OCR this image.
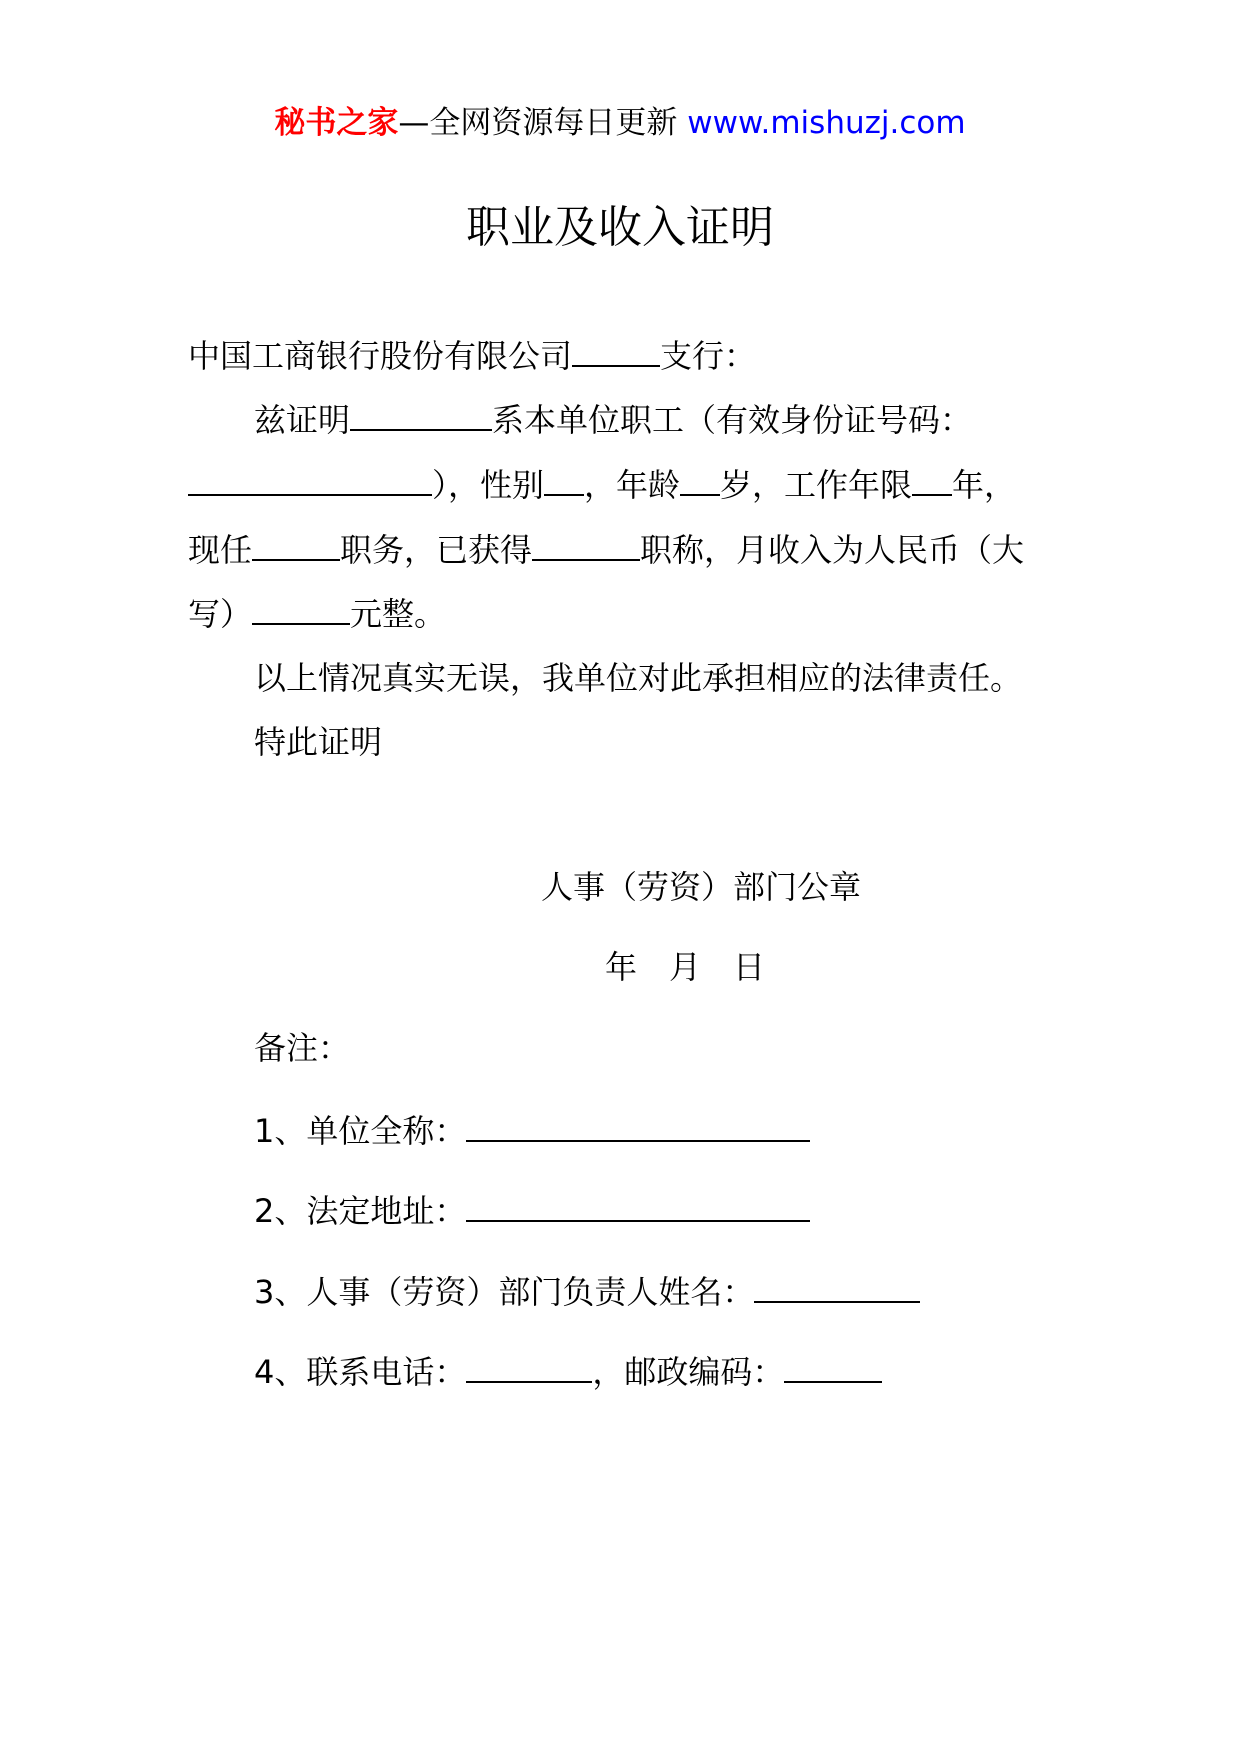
秘书之家—全网资源每日更新 www.mishuzj.com
职业及收入证明
中国工商银行股份有限公司	支行：
兹证明	系本单位职工（有效身份证号码：
），性别 ，年龄 岁，工作年限 年，
现任	职务，已获得	职称，月收入为人民币（大
写）	元整。
以上情况真实无误，我单位对此承担相应的法律责任。
特此证明
人事（劳资）部门公章
年 月 日
备注：
1、单位全称：
2、法定地址：
3、人事（劳资）部门负责人姓名：
4、联系电话：	，邮政编码：
